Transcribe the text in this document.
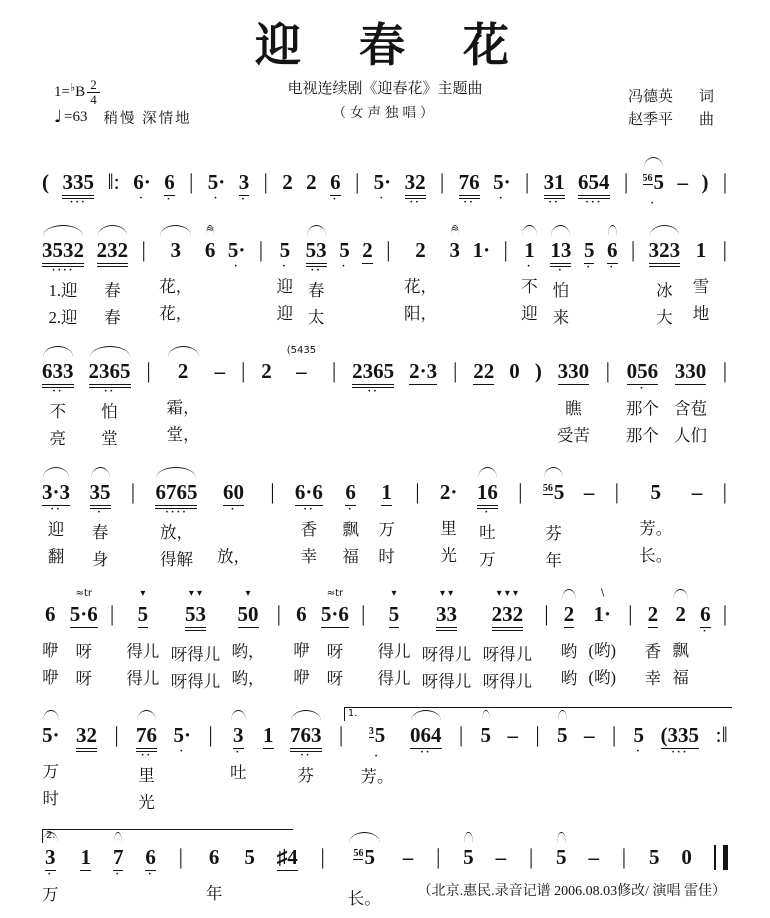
迎　春　花
电视连续剧《迎春花》主题曲
（女声独唱）
1= ♭ B $\frac{2}{4}$
♩ =63 稍慢 深情地
冯德英 词
赵季平 曲

(

335
···

‖:

6·
·

6
·

|

5·
·

3
·

|

2

2

6
·

|

5·
·

32
··

|

76
··

5·
·

|

31
··

654
···

|

$^{56}$5
·

–

)

|

3532
····
1.迎
2.迎

232

春
春

|

3

花，
花，
≈
6

5·
·

|

5
·
迎
迎

53
··
春
太

5
·

2

|

2

花，
阳，
≈
3

1·

|

1
·
不
迎

13
·
怕
来

5
·

6
·

|

323

冰
大

1

雪
地

|

633
··
不
亮

2365
··
怕
堂

|

2

霜，
堂，

–

|

2

(5435
–

|

2365
··

2·3

|

22

0

)

330

瞧
受苦

|

056
·
那个
那个

330

含苞
人们

|

3·3
··
迎
翻

35
·
春
身

|

6765
····
放，
得解

60
·

放，

|

6·6
··
香
幸

6
·
飘
福

1

万
时

|

2·

里
光

16
·
吐
万

|

$^{56}$5

芬
年

–

|

5

芳。
长。

–

|

6

咿
咿
≈tr
5·6

呀
呀

|

▾
5

得儿
得儿
▾ ▾
53

呀得儿
呀得儿
▾
50

哟，
哟，

|

6

咿
咿
≈tr
5·6

呀
呀

|

▾
5

得儿
得儿
▾ ▾
33

呀得儿
呀得儿
▾ ▾ ▾
232

呀得儿
呀得儿

|

2

哟
哟
∖
1·

(哟)
(哟)

|

2

香
幸

2

飘
福

6
·

|

1.

5·

万
时

32

|

76
··
里
光

5·
·

|

3
·
吐

1

763
··
芬

|

	$^3$5
·
芳。

064
··

|

5

–

|

5

–

|

5
·

(335
···

:‖

2.

3
·
万

1

7
·

6
·

|

6

年

5

♯4

|

	$^{56}$5

长。

–

|

5

–

|

5

–

|

5

0

（北京.惠民.录音记谱 2006.08.03修改/ 演唱 雷佳）
